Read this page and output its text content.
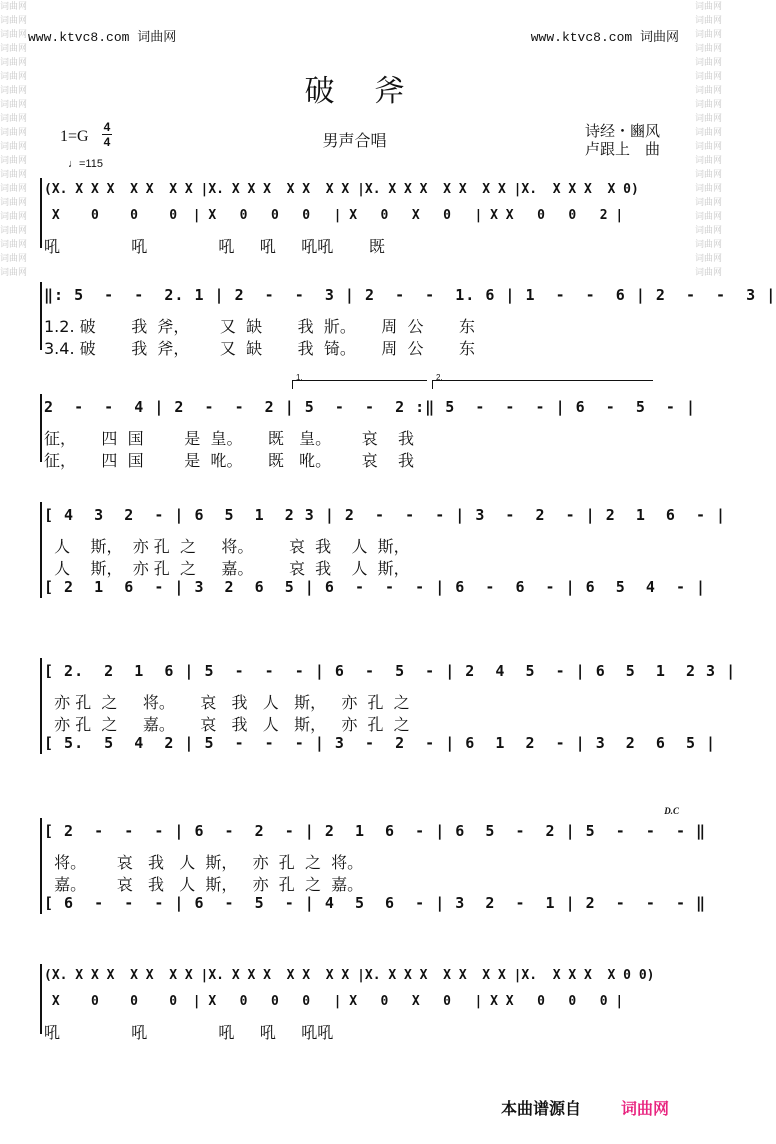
词曲网
词曲网
词曲网
词曲网
词曲网
词曲网
词曲网
词曲网
词曲网
词曲网
词曲网
词曲网
词曲网
词曲网
词曲网
词曲网
词曲网
词曲网
词曲网
词曲网

词曲网
词曲网
词曲网
词曲网
词曲网
词曲网
词曲网
词曲网
词曲网
词曲网
词曲网
词曲网
词曲网
词曲网
词曲网
词曲网
词曲网
词曲网
词曲网
词曲网

www.ktvc8.com 词曲网	www.ktvc8.com 词曲网
破斧
1=G
4
4
♩=115
男声合唱	诗经・豳风
卢跟上　曲
(X. X X X  X X  X X |X. X X X  X X  X X |X. X X X  X X  X X |X.  X X X  X 0)
X    0    0    0  | X   0   0   0   | X   0   X   0   | X X   0   0   2 |
吼              吼              吼     吼     吼吼       既
‖: 5  -  -  2. 1 | 2  -  -  3 | 2  -  -  1. 6 | 1  -  -  6 | 2  -  -  3 |
1.2. 破       我  斧，      又  缺       我  斨。     周  公       东
3.4. 破       我  斧，      又  缺       我  锜。     周  公       东
2  -  -  4 | 2  -  -  2 | 5  -  -  2 :‖ 5  -  -  - | 6  -  5  - |
征，     四  国        是  皇。     既   皇。      哀    我
征，     四  国        是  吪。     既   吪。      哀    我
[ 4  3  2  - | 6  5  1  2 3 | 2  -  -  - | 3  -  2  - | 2  1  6  - |
人    斯，  亦 孔  之     将。       哀  我    人  斯，
人    斯，  亦 孔  之     嘉。       哀  我    人  斯，
[ 2  1  6  - | 3  2  6  5 | 6  -  -  - | 6  -  6  - | 6  5  4  - |
[ 2.  2  1  6 | 5  -  -  - | 6  -  5  - | 2  4  5  - | 6  5  1  2 3 |
亦 孔  之     将。     哀   我   人   斯，   亦  孔  之
亦 孔  之     嘉。     哀   我   人   斯，   亦  孔  之
[ 5.  5  4  2 | 5  -  -  - | 3  -  2  - | 6  1  2  - | 3  2  6  5 |
[ 2  -  -  - | 6  -  2  - | 2  1  6  - | 6  5  -  2 | 5  -  -  - ‖
将。      哀   我   人  斯，   亦  孔  之  将。
嘉。      哀   我   人  斯，   亦  孔  之  嘉。
[ 6  -  -  - | 6  -  5  - | 4  5  6  - | 3  2  -  1 | 2  -  -  - ‖
(X. X X X  X X  X X |X. X X X  X X  X X |X. X X X  X X  X X |X.  X X X  X 0 0)
X    0    0    0  | X   0   0   0   | X   0   X   0   | X X   0   0   0 |
吼              吼              吼     吼     吼吼
1.	2.
D.C
本曲谱源自	词曲网
